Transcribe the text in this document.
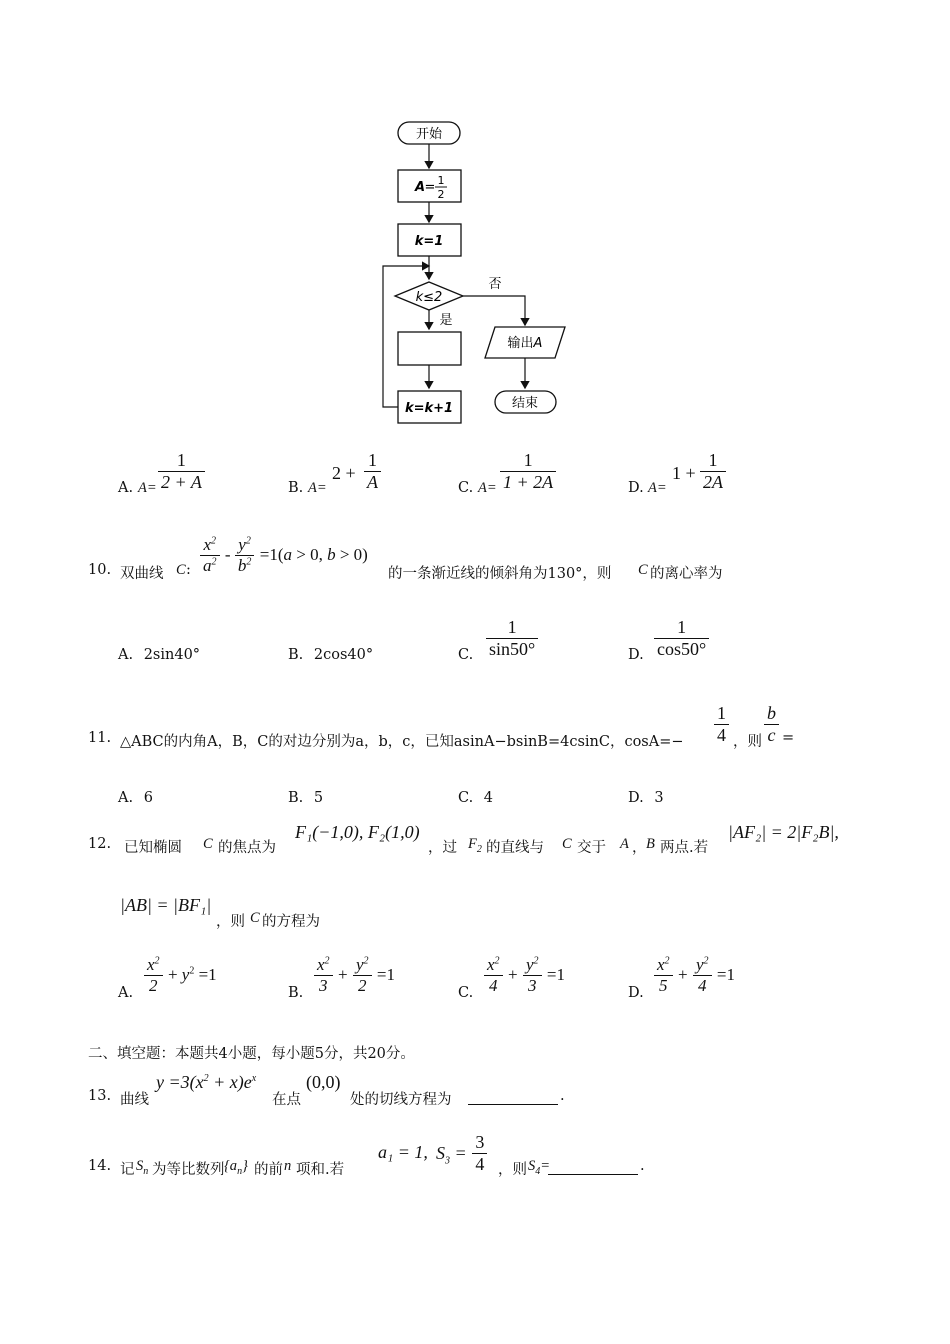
开始
A = 1
2
k=1
k≤2
是
k=k+1
否
输出A
结束
A. $A= \frac{1}{2 + A}$	B. A=
$2 + \frac{1}{A}$	C. $A= \frac{1}{1 + 2A}$	D. A=
$1 + \frac{1}{2A}$
10. 双曲线 C : $\frac{x^2}{a^2} - \frac{y^2}{b^2} =1(a > 0$, b > 0)
的一条渐近线的倾斜角为130°，则 C 的离心率为
A. 2sin40°	B. 2cos40°	C. $\frac{1}{\sin 50^\circ}$	D. $\frac{1}{\cos 50^\circ}$
11. △ABC的内角A，B，C的对边分别为a，b，c，已知asinA−bsinB=4csinC，$\cos A=- \frac{1}{4}$ ，则 $\frac{b}{c}$ =
A. 6	B. 5	C. 4	D. 3
12. 已知椭圆 C 的焦点为
F₁(−1,0), F₂(1,0)
，过 $F_2$ 的直线与 C 交于 A ， B 两点.若
|AF₂| = 2|F₂B|,
|AB| = |BF₁|
，则 C 的方程为
A. $\frac{x^2}{2} + y^2 =1$
B. $\frac{x^2}{3} + \frac{y^2}{2} =1$
C. $\frac{x^2}{4} + \frac{y^2}{3} =1$
D. $\frac{x^2}{5} + \frac{y^2}{4} =1$
二、填空题：本题共4小题，每小题5分，共20分。
13. 曲线
$y =3(x^2 + x)e^x$
在点
(0,0)
处的切线方程为	.
14. 记 $S_n$ 为等比数列 $\{a_n\}$ 的前 n 项和.若
a₁ = 1, $S_3 = \frac{3}{4}$ ，则 $S_4=$	.
